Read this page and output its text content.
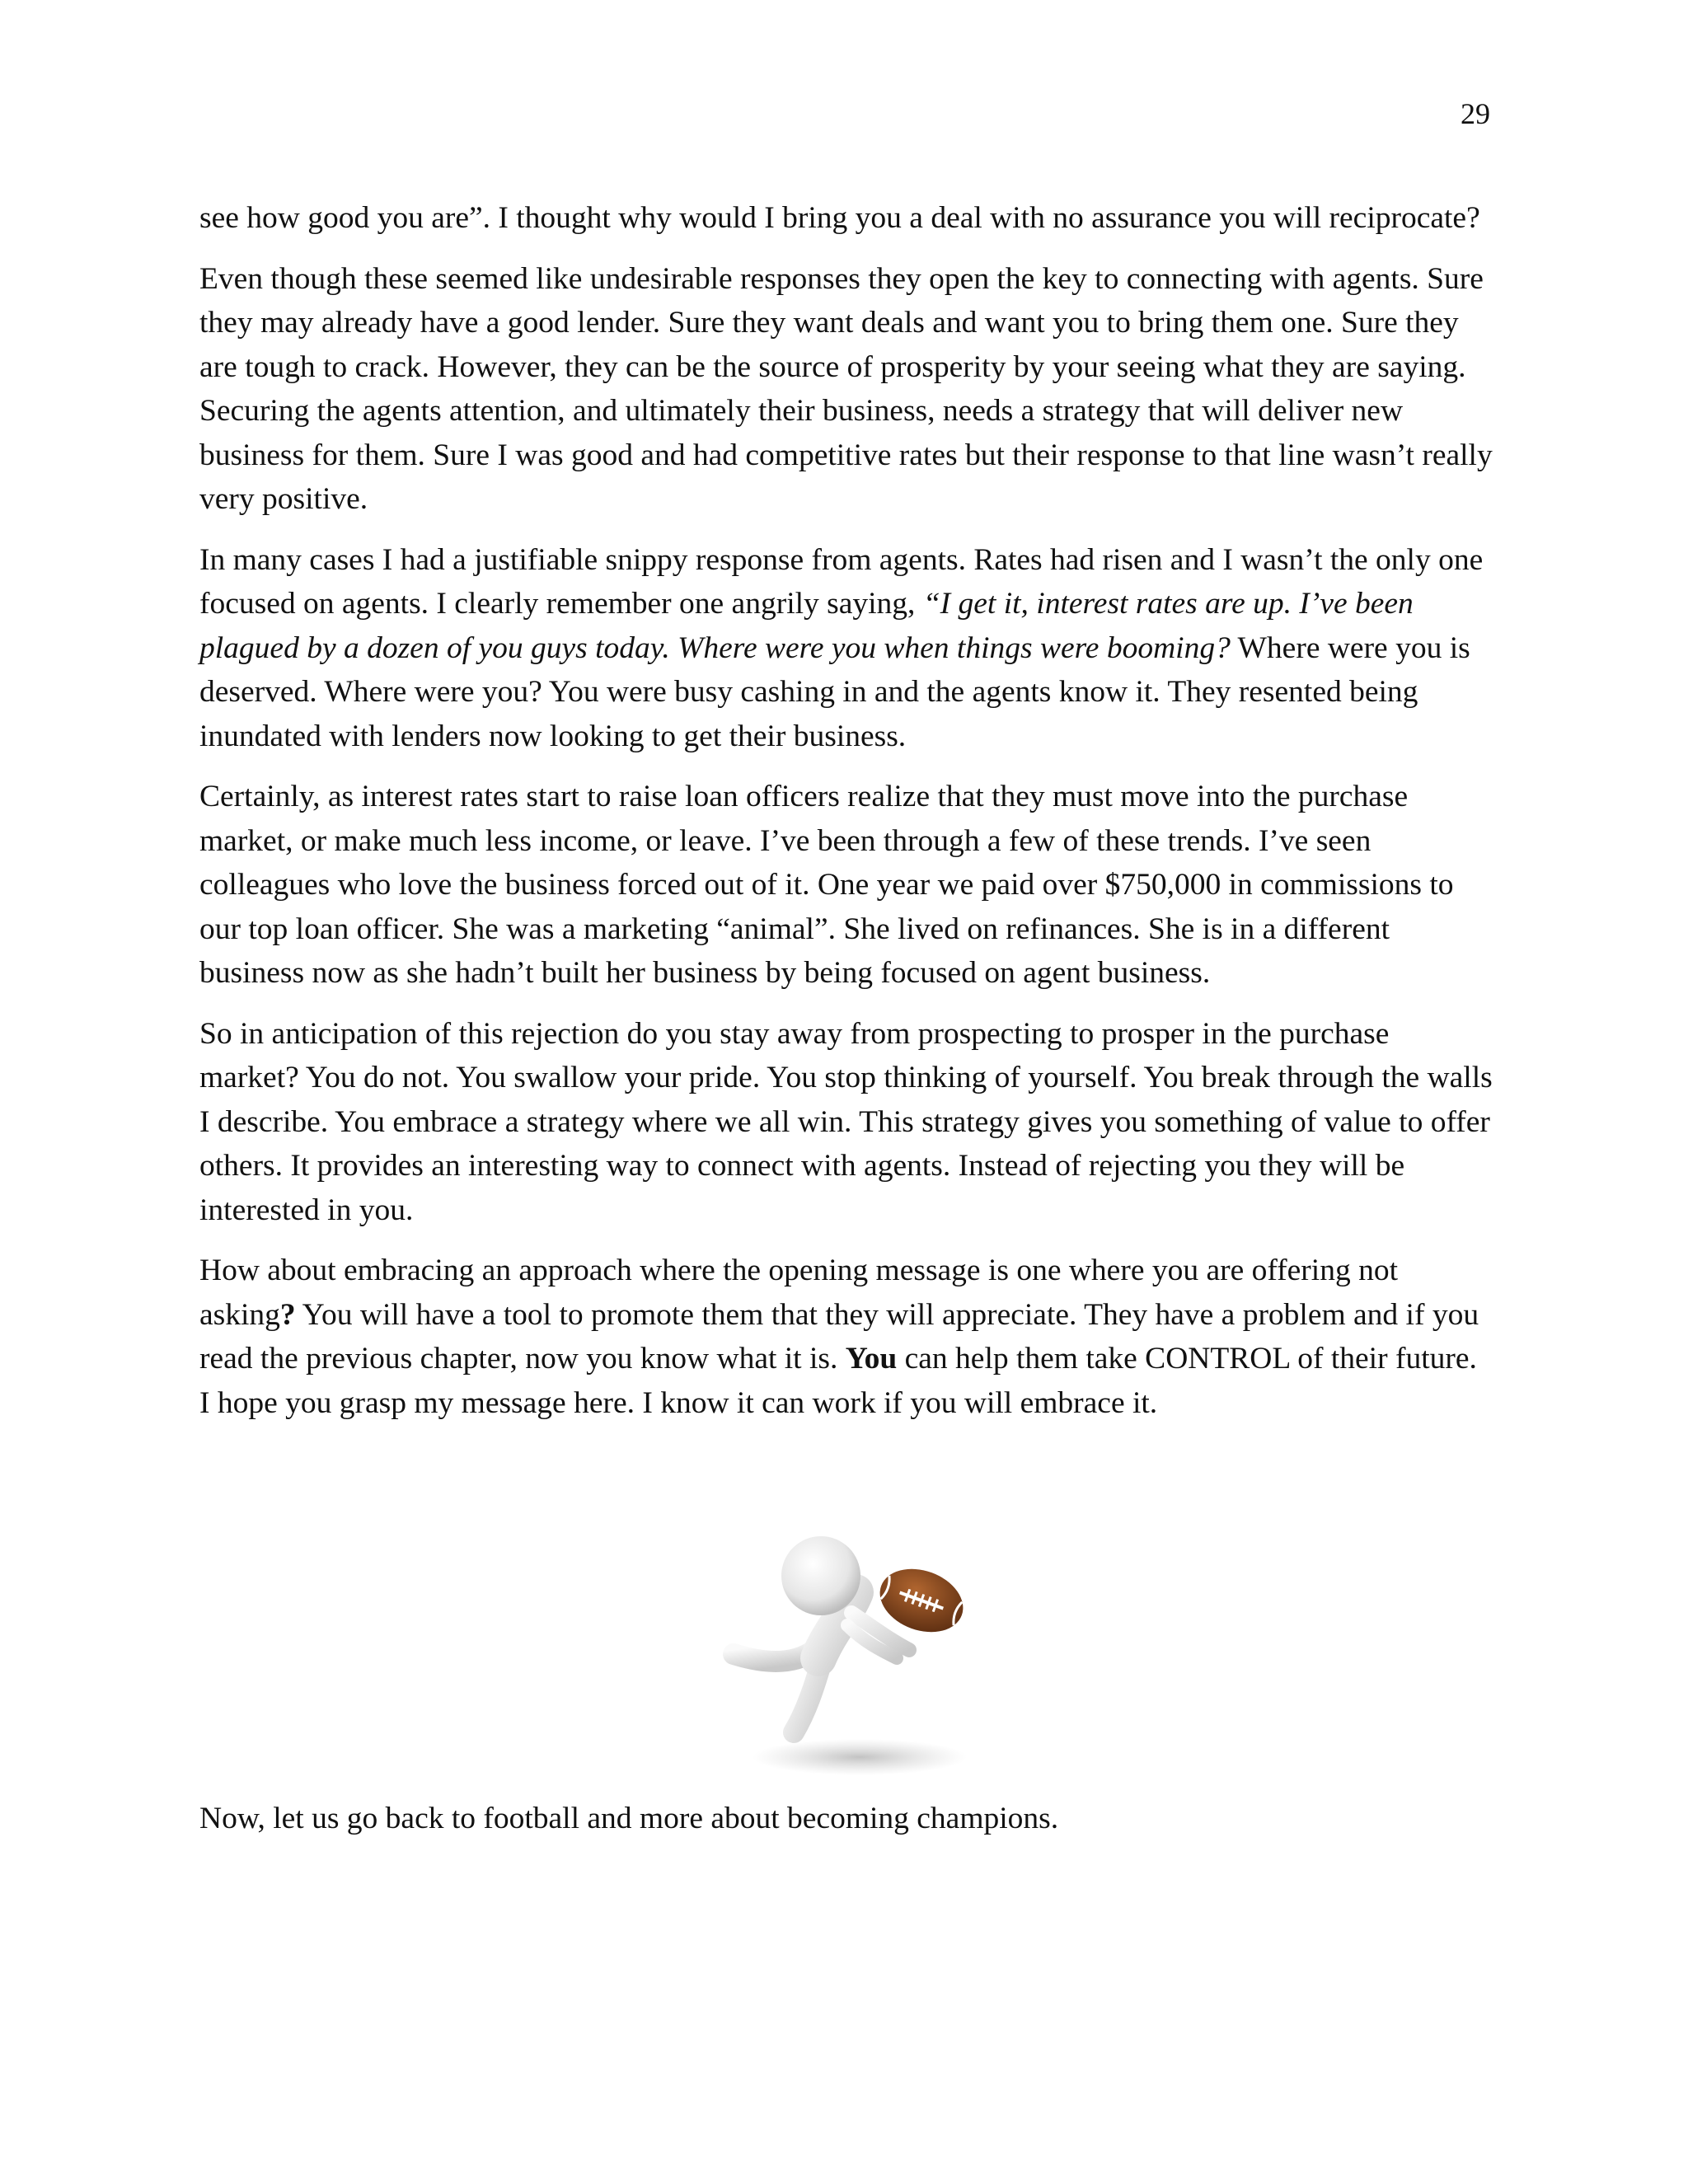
29

see how good you are”. I thought why would I bring you a deal with no assurance you will reciprocate?

Even though these seemed like undesirable responses they open the key to connecting with agents. Sure they may already have a good lender. Sure they want deals and want you to bring them one. Sure they are tough to crack. However, they can be the source of prosperity by your seeing what they are saying. Securing the agents attention, and ultimately their business, needs a strategy that will deliver new business for them. Sure I was good and had competitive rates but their response to that line wasn’t really very positive.

In many cases I had a justifiable snippy response from agents. Rates had risen and I wasn’t the only one focused on agents. I clearly remember one angrily saying, “I get it, interest rates are up. I’ve been plagued by a dozen of you guys today. Where were you when things were booming? Where were you is deserved. Where were you? You were busy cashing in and the agents know it. They resented being inundated with lenders now looking to get their business.

Certainly, as interest rates start to raise loan officers realize that they must move into the purchase market, or make much less income, or leave. I’ve been through a few of these trends. I’ve seen colleagues who love the business forced out of it. One year we paid over $750,000 in commissions to our top loan officer. She was a marketing “animal”. She lived on refinances. She is in a different business now as she hadn’t built her business by being focused on agent business.

So in anticipation of this rejection do you stay away from prospecting to prosper in the purchase market? You do not. You swallow your pride. You stop thinking of yourself. You break through the walls I describe. You embrace a strategy where we all win. This strategy gives you something of value to offer others. It provides an interesting way to connect with agents. Instead of rejecting you they will be interested in you.

How about embracing an approach where the opening message is one where you are offering not asking? You will have a tool to promote them that they will appreciate. They have a problem and if you read the previous chapter, now you know what it is. You can help them take CONTROL of their future. I hope you grasp my message here. I know it can work if you will embrace it.

Now, let us go back to football and more about becoming champions.
